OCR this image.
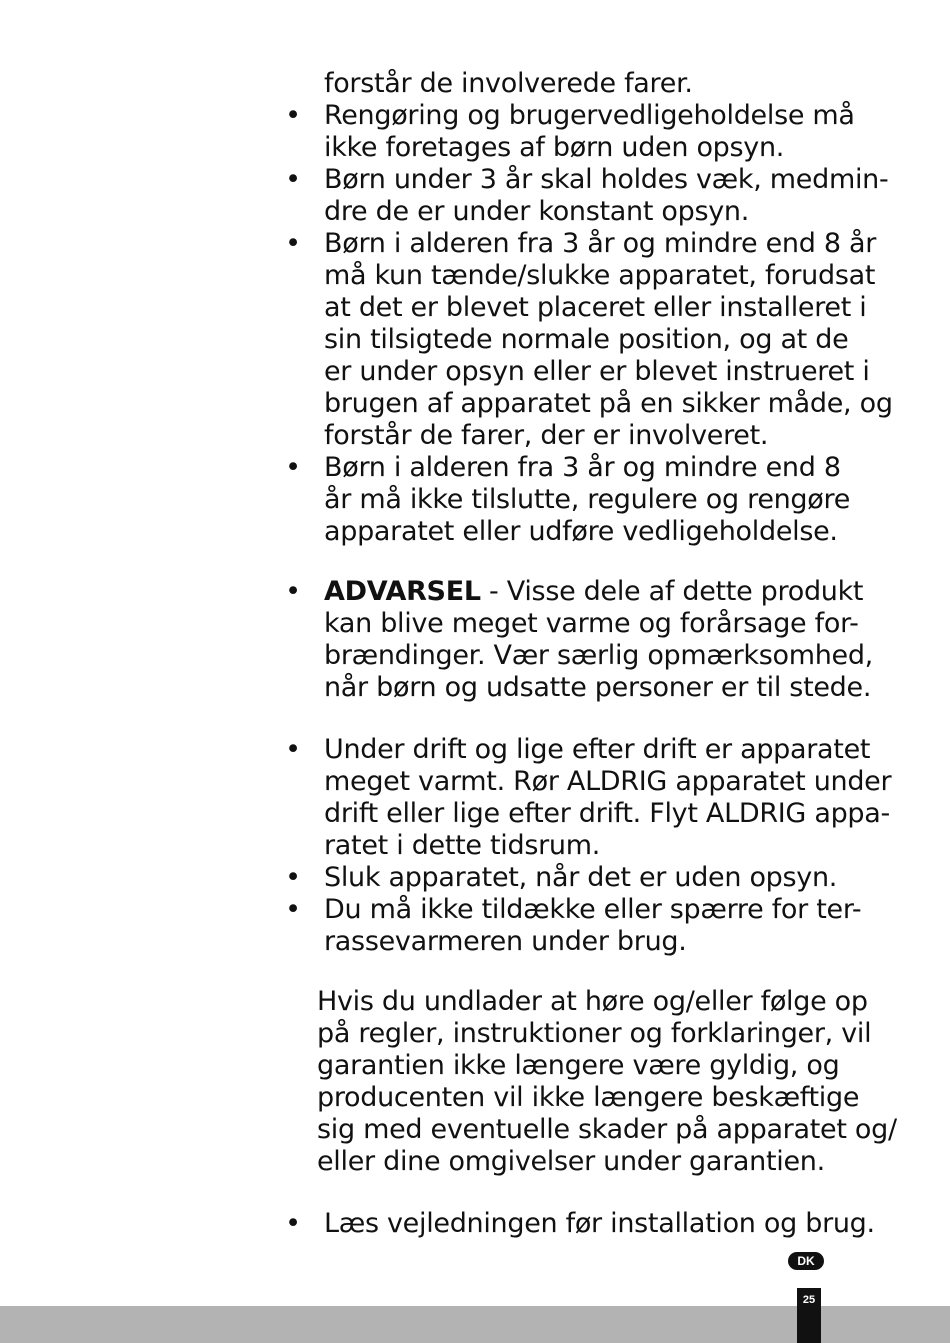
forstår de involverede farer.
• Rengøring og brugervedligeholdelse må
ikke foretages af børn uden opsyn.
• Børn under 3 år skal holdes væk, medmin-
dre de er under konstant opsyn.
• Børn i alderen fra 3 år og mindre end 8 år
må kun tænde/slukke apparatet, forudsat
at det er blevet placeret eller installeret i
sin tilsigtede normale position, og at de
er under opsyn eller er blevet instrueret i
brugen af apparatet på en sikker måde, og
forstår de farer, der er involveret.
• Børn i alderen fra 3 år og mindre end 8
år må ikke tilslutte, regulere og rengøre
apparatet eller udføre vedligeholdelse.
• ADVARSEL - Visse dele af dette produkt
kan blive meget varme og forårsage for-
brændinger. Vær særlig opmærksomhed,
når børn og udsatte personer er til stede.
• Under drift og lige efter drift er apparatet
meget varmt. Rør ALDRIG apparatet under
drift eller lige efter drift. Flyt ALDRIG appa-
ratet i dette tidsrum.
• Sluk apparatet, når det er uden opsyn.
• Du må ikke tildække eller spærre for ter-
rassevarmeren under brug.
Hvis du undlader at høre og/eller følge op
på regler, instruktioner og forklaringer, vil
garantien ikke længere være gyldig, og
producenten vil ikke længere beskæftige
sig med eventuelle skader på apparatet og/
eller dine omgivelser under garantien.
• Læs vejledningen før installation og brug.
DK
25
